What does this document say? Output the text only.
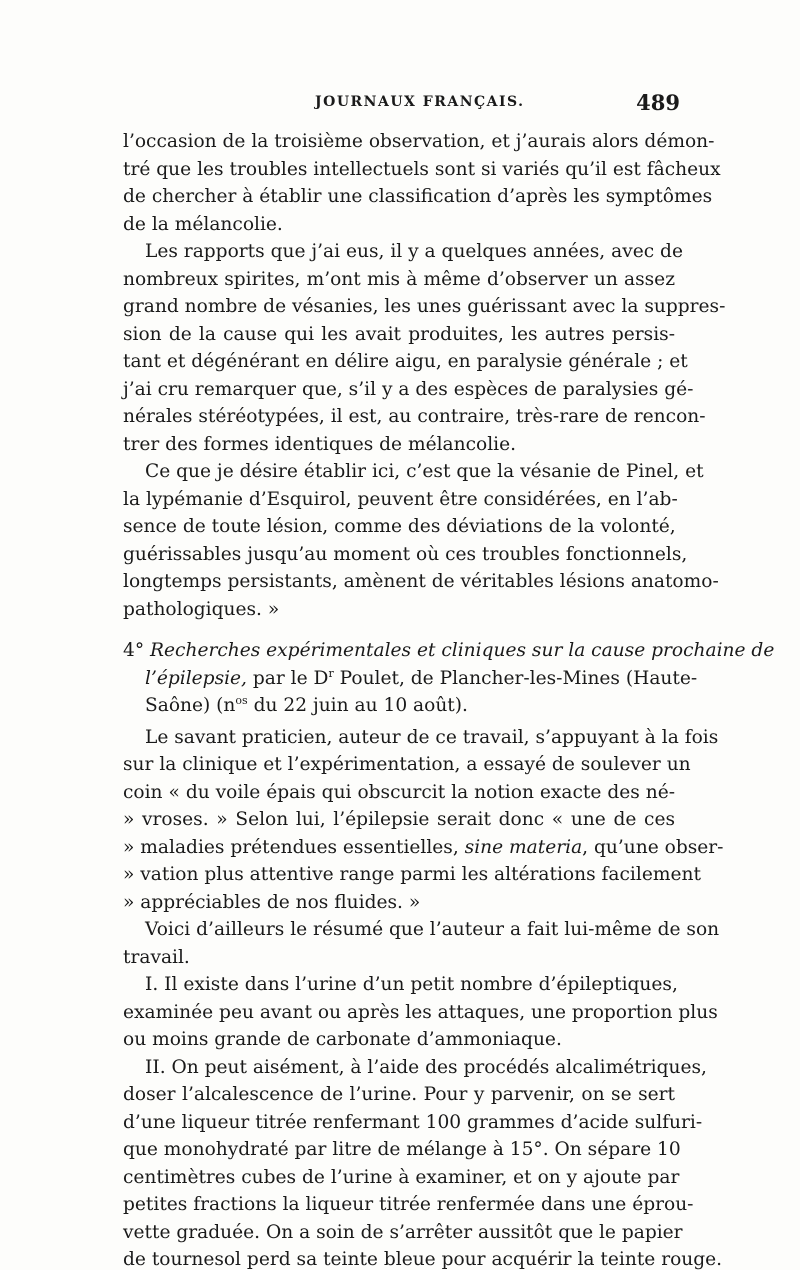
JOURNAUX FRANÇAIS.	489
l’occasion de la troisième observation, et j’aurais alors démon-
tré que les troubles intellectuels sont si variés qu’il est fâcheux
de chercher à établir une classification d’après les symptômes
de la mélancolie.
Les rapports que j’ai eus, il y a quelques années, avec de
nombreux spirites, m’ont mis à même d’observer un assez
grand nombre de vésanies, les unes guérissant avec la suppres-
sion de la cause qui les avait produites, les autres persis-
tant et dégénérant en délire aigu, en paralysie générale ; et
j’ai cru remarquer que, s’il y a des espèces de paralysies gé-
nérales stéréotypées, il est, au contraire, très-rare de rencon-
trer des formes identiques de mélancolie.
Ce que je désire établir ici, c’est que la vésanie de Pinel, et
la lypémanie d’Esquirol, peuvent être considérées, en l’ab-
sence de toute lésion, comme des déviations de la volonté,
guérissables jusqu’au moment où ces troubles fonctionnels,
longtemps persistants, amènent de véritables lésions anatomo-
pathologiques. »
4° Recherches expérimentales et cliniques sur la cause prochaine de
l’épilepsie, par le $D^r$ Poulet, de Plancher-les-Mines (Haute-
Saône) ($n^{os}$ du 22 juin au 10 août).
Le savant praticien, auteur de ce travail, s’appuyant à la fois
sur la clinique et l’expérimentation, a essayé de soulever un
coin « du voile épais qui obscurcit la notion exacte des né-
» vroses. » Selon lui, l’épilepsie serait donc « une de ces
» maladies prétendues essentielles, sine materia, qu’une obser-
» vation plus attentive range parmi les altérations facilement
» appréciables de nos fluides. »
Voici d’ailleurs le résumé que l’auteur a fait lui-même de son
travail.
I. Il existe dans l’urine d’un petit nombre d’épileptiques,
examinée peu avant ou après les attaques, une proportion plus
ou moins grande de carbonate d’ammoniaque.
II. On peut aisément, à l’aide des procédés alcalimétriques,
doser l’alcalescence de l’urine. Pour y parvenir, on se sert
d’une liqueur titrée renfermant 100 grammes d’acide sulfuri-
que monohydraté par litre de mélange à 15°. On sépare 10
centimètres cubes de l’urine à examiner, et on y ajoute par
petites fractions la liqueur titrée renfermée dans une éprou-
vette graduée. On a soin de s’arrêter aussitôt que le papier
de tournesol perd sa teinte bleue pour acquérir la teinte rouge.
